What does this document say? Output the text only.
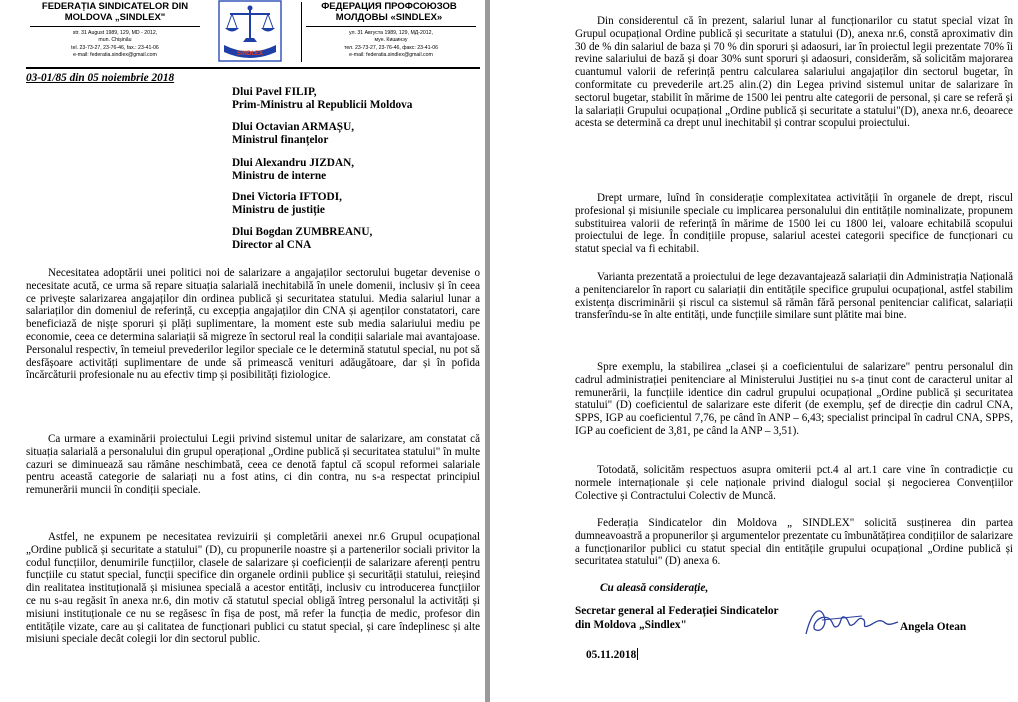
FEDERAȚIA SINDICATELOR DIN MOLDOVA „SINDLEX"
str. 31 August 1989, 129, MD - 2012,
mun. Chișinău
tel. 23-73-27, 23-76-46, fax.: 23-41-06
e-mail: federatia.sindlex@gmail.com	SINDLEX
ФЕДЕРАЦИЯ ПРОФСОЮЗОВ МОЛДОВЫ «SINDLEX»
ул. 31 Августа 1989, 129, МД-2012,
мун. Кишинэу
тел. 23-73-27, 23-76-46, факс: 23-41-06
e-mail: federatia.sindlex@gmail.com
03-01/85 din 05 noiembrie 2018
Dlui Pavel FILIP,
Prim-Ministru al Republicii Moldova
Dlui Octavian ARMAȘU,
Ministrul finanțelor
Dlui Alexandru JIZDAN,
Ministru de interne
Dnei Victoria IFTODI,
Ministru de justiție
Dlui Bogdan ZUMBREANU,
Director al CNA

Necesitatea adoptării unei politici noi de salarizare a angajaților sectorului bugetar devenise o necesitate acută, ce urma să repare situația salarială inechitabilă în unele domenii, inclusiv și în ceea ce privește salarizarea angajaților din ordinea publică și securitatea statului. Media salariul lunar a salariaților din domeniul de referință, cu excepția angajaților din CNA și agenților constatatori, care beneficiază de nișțe sporuri și plăți suplimentare, la moment este sub media salariului mediu pe economie, ceea ce determina salariații să migreze în sectorul real la condiții salariale mai avantajoase. Personalul respectiv, în temeiul prevederilor legilor speciale ce le determină statutul special, nu pot să desfășoare activități suplimentare de unde să primească venituri adăugătoare, dar și în pofida încărcăturii profesionale nu au efectiv timp și posibilități fiziologice.

Ca urmare a examinării proiectului Legii privind sistemul unitar de salarizare, am constatat că situația salarială a personalului din grupul operațional „Ordine publică și securitatea statului" în multe cazuri se diminuează sau rămâne neschimbată, ceea ce denotă faptul că scopul reformei salariale pentru această categorie de salariați nu a fost atins, ci din contra, nu s-a respectat principiul remunerării muncii în condiții speciale.

Astfel, ne expunem pe necesitatea revizuirii și completării anexei nr.6 Grupul ocupațional „Ordine publică și securitate a statului" (D), cu propunerile noastre și a partenerilor sociali privitor la codul funcțiilor, denumirile funcțiilor, clasele de salarizare și coeficienții de salarizare aferenți pentru funcțiile cu statut special, funcții specifice din organele ordinii publice și securității statului, reieșind din realitatea instituțională și misiunea specială a acestor entități, inclusiv cu introducerea funcțiilor ce nu s-au regăsit în anexa nr.6, din motiv că statutul special obligă întreg personalul la activități și misiuni instituționale ce nu se regăsesc în fișa de post, mă refer la funcția de medic, profesor din entitățile vizate, care au și calitatea de funcționari publici cu statut special, și care îndeplinesc și alte misiuni speciale decât colegii lor din sectorul public.

Din considerentul că în prezent, salariul lunar al funcționarilor cu statut special vizat în Grupul ocupațional Ordine publică și securitate a statului (D), anexa nr.6, constă aproximativ din 30 de % din salariul de baza și 70 % din sporuri și adaosuri, iar în proiectul legii prezentate 70% îi revine salariului de bază și doar 30% sunt sporuri și adaosuri, considerăm, să solicităm majorarea cuantumul valorii de referință pentru calcularea salariului angajaților din sectorul bugetar, în conformitate cu prevederile art.25 alin.(2) din Legea privind sistemul unitar de salarizare în sectorul bugetar, stabilit în mărime de 1500 lei pentru alte categorii de personal, și care se referă și la salariații Grupului ocupațional „Ordine publică și securitate a statului"(D), anexa nr.6, deoarece acesta se determină ca drept unul inechitabil și contrar scopului proiectului.

Drept urmare, luînd în considerație complexitatea activității în organele de drept, riscul profesional și misiunile speciale cu implicarea personalului din entitățile nominalizate, propunem substituirea valorii de referință în mărime de 1500 lei cu 1800 lei, valoare echitabilă scopului proiectului de lege. În condițiile propuse, salariul acestei categorii specifice de funcționari cu statut special va fi echitabil.

Varianta prezentată a proiectului de lege dezavantajează salariații din Administrația Națională a penitenciarelor în raport cu salariații din entitățile specifice grupului ocupațional, astfel stabilim existența discriminării și riscul ca sistemul să rămân fără personal penitenciar calificat, salariații transferîndu-se în alte entități, unde funcțiile similare sunt plătite mai bine.

Spre exemplu, la stabilirea „clasei și a coeficientului de salarizare" pentru personalul din cadrul administrației penitenciare al Ministerului Justiției nu s-a ținut cont de caracterul unitar al remunerării, la funcțiile identice din cadrul grupului ocupațional „Ordine publică și securitatea statului" (D) coeficientul de salarizare este diferit (de exemplu, șef de direcție din cadrul CNA, SPPS, IGP au coeficientul 7,76, pe când în ANP – 6,43; specialist principal în cadrul CNA, SPPS, IGP au coeficient de 3,81, pe când la ANP – 3,51).

Totodată, solicităm respectuos asupra omiterii pct.4 al art.1 care vine în contradicție cu normele internaționale și cele naționale privind dialogul social și negocierea Convențiilor Colective și Contractului Colectiv de Muncă.

Federația Sindicatelor din Moldova „ SINDLEX" solicită susținerea din partea dumneavoastră a propunerilor și argumentelor prezentate cu îmbunătățirea condițiilor de salarizare a funcționarilor publici cu statut special din entitățile grupului ocupațional „Ordine publică și securitatea statului" (D) anexa 6.

Cu aleasă considerație,
Secretar general al Federației Sindicatelor
din Moldova „Sindlex"	Angela Otean
05.11.2018
